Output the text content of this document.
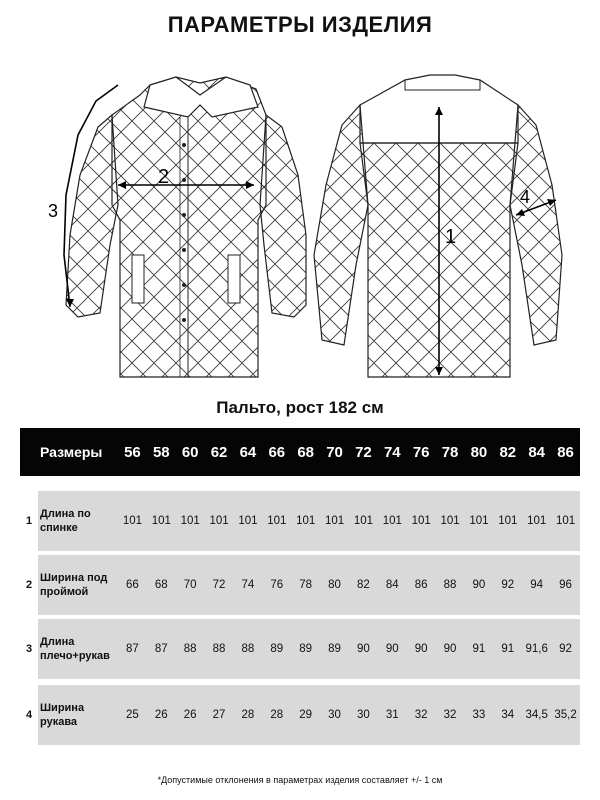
ПАРАМЕТРЫ ИЗДЕЛИЯ
2
3
1
4
Пальто, рост 182 см
Размеры	56 58 60 62 64 66 68 70 72 74 76 78 80 82 84 86
1
Длина по
спинке
101 101 101 101 101 101 101 101 101 101 101 101 101 101 101 101
2
Ширина под
проймой
66	68	70	72	74	76	78	80	82	84	86	88	90	92	94	96
3
Длина
плечо+рукав
87	87	88	88	88	89	89	89	90	90	90	90	91	91 91,6 92
4
Ширина
рукава
25	26	26	27	28	28	29	30	30	31	32	32	33	34 34,5 35,2
*Допустимые отклонения в параметрах изделия составляет +/- 1 см
